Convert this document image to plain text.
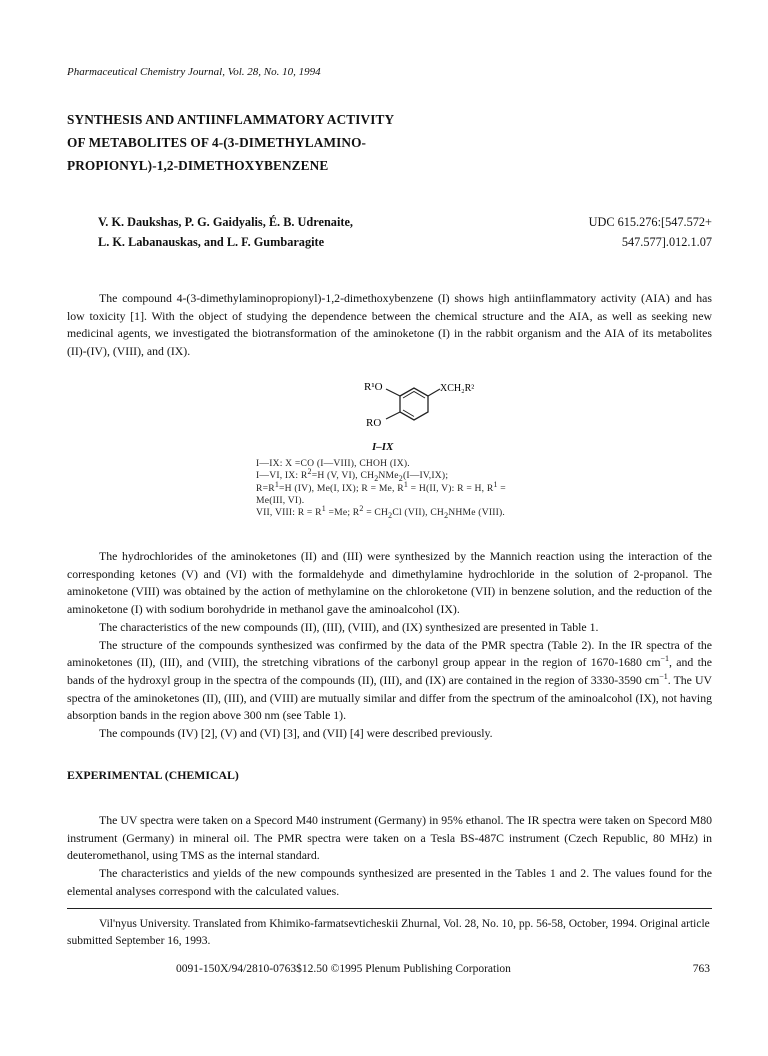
Pharmaceutical Chemistry Journal, Vol. 28, No. 10, 1994
SYNTHESIS AND ANTIINFLAMMATORY ACTIVITY
OF METABOLITES OF 4-(3-DIMETHYLAMINO-
PROPIONYL)-1,2-DIMETHOXYBENZENE
V. K. Daukshas, P. G. Gaidyalis, É. B. Udrenaite,
L. K. Labanauskas, and L. F. Gumbaragite
UDC 615.276:[547.572+
547.577].012.1.07

The compound 4-(3-dimethylaminopropionyl)-1,2-dimethoxybenzene (I) shows high antiinflammatory activity (AIA) and has low toxicity [1]. With the object of studying the dependence between the chemical structure and the AIA, as well as seeking new medicinal agents, we investigated the biotransformation of the aminoketone (I) in the rabbit organism and the AIA of its metabolites (II)-(IV), (VIII), and (IX).

R¹O
RO
XCH₂R²
I–IX
I—IX: X =CO (I—VIII), CHOH (IX).
I—VI, IX: $R^2=H$ (V, VI), $CH_2NMe_2(I—IV,IX)$;
$R=R^1=H$ (IV), Me(I, IX); R = Me, $R^1 = H(II$, V): R = H, $R^1$ =
Me(III, VI).
VII, VIII: $R = R^1 =Me$; $R^2 = CH_2Cl$ (VII), $CH_2NHMe$ (VIII).

The hydrochlorides of the aminoketones (II) and (III) were synthesized by the Mannich reaction using the interaction of the corresponding ketones (V) and (VI) with the formaldehyde and dimethylamine hydrochloride in the solution of 2-propanol. The aminoketone (VIII) was obtained by the action of methylamine on the chloroketone (VII) in benzene solution, and the reduction of the aminoketone (I) with sodium borohydride in methanol gave the aminoalcohol (IX).

The characteristics of the new compounds (II), (III), (VIII), and (IX) synthesized are presented in Table 1.

The structure of the compounds synthesized was confirmed by the data of the PMR spectra (Table 2). In the IR spectra of the aminoketones (II), (III), and (VIII), the stretching vibrations of the carbonyl group appear in the region of 1670-1680 $cm^{-1}$, and the bands of the hydroxyl group in the spectra of the compounds (II), (III), and (IX) are contained in the region of 3330-3590 $cm^{-1}$. The UV spectra of the aminoketones (II), (III), and (VIII) are mutually similar and differ from the spectrum of the aminoalcohol (IX), not having absorption bands in the region above 300 nm (see Table 1).

The compounds (IV) [2], (V) and (VI) [3], and (VII) [4] were described previously.

EXPERIMENTAL (CHEMICAL)

The UV spectra were taken on a Specord M40 instrument (Germany) in 95% ethanol. The IR spectra were taken on Specord M80 instrument (Germany) in mineral oil. The PMR spectra were taken on a Tesla BS-487C instrument (Czech Republic, 80 MHz) in deuteromethanol, using TMS as the internal standard.

The characteristics and yields of the new compounds synthesized are presented in the Tables 1 and 2. The values found for the elemental analyses correspond with the calculated values.

Vil'nyus University. Translated from Khimiko-farmatsevticheskii Zhurnal, Vol. 28, No. 10, pp. 56-58, October, 1994. Original article submitted September 16, 1993.

0091-150X/94/2810-0763$12.50 ©1995 Plenum Publishing Corporation	763
